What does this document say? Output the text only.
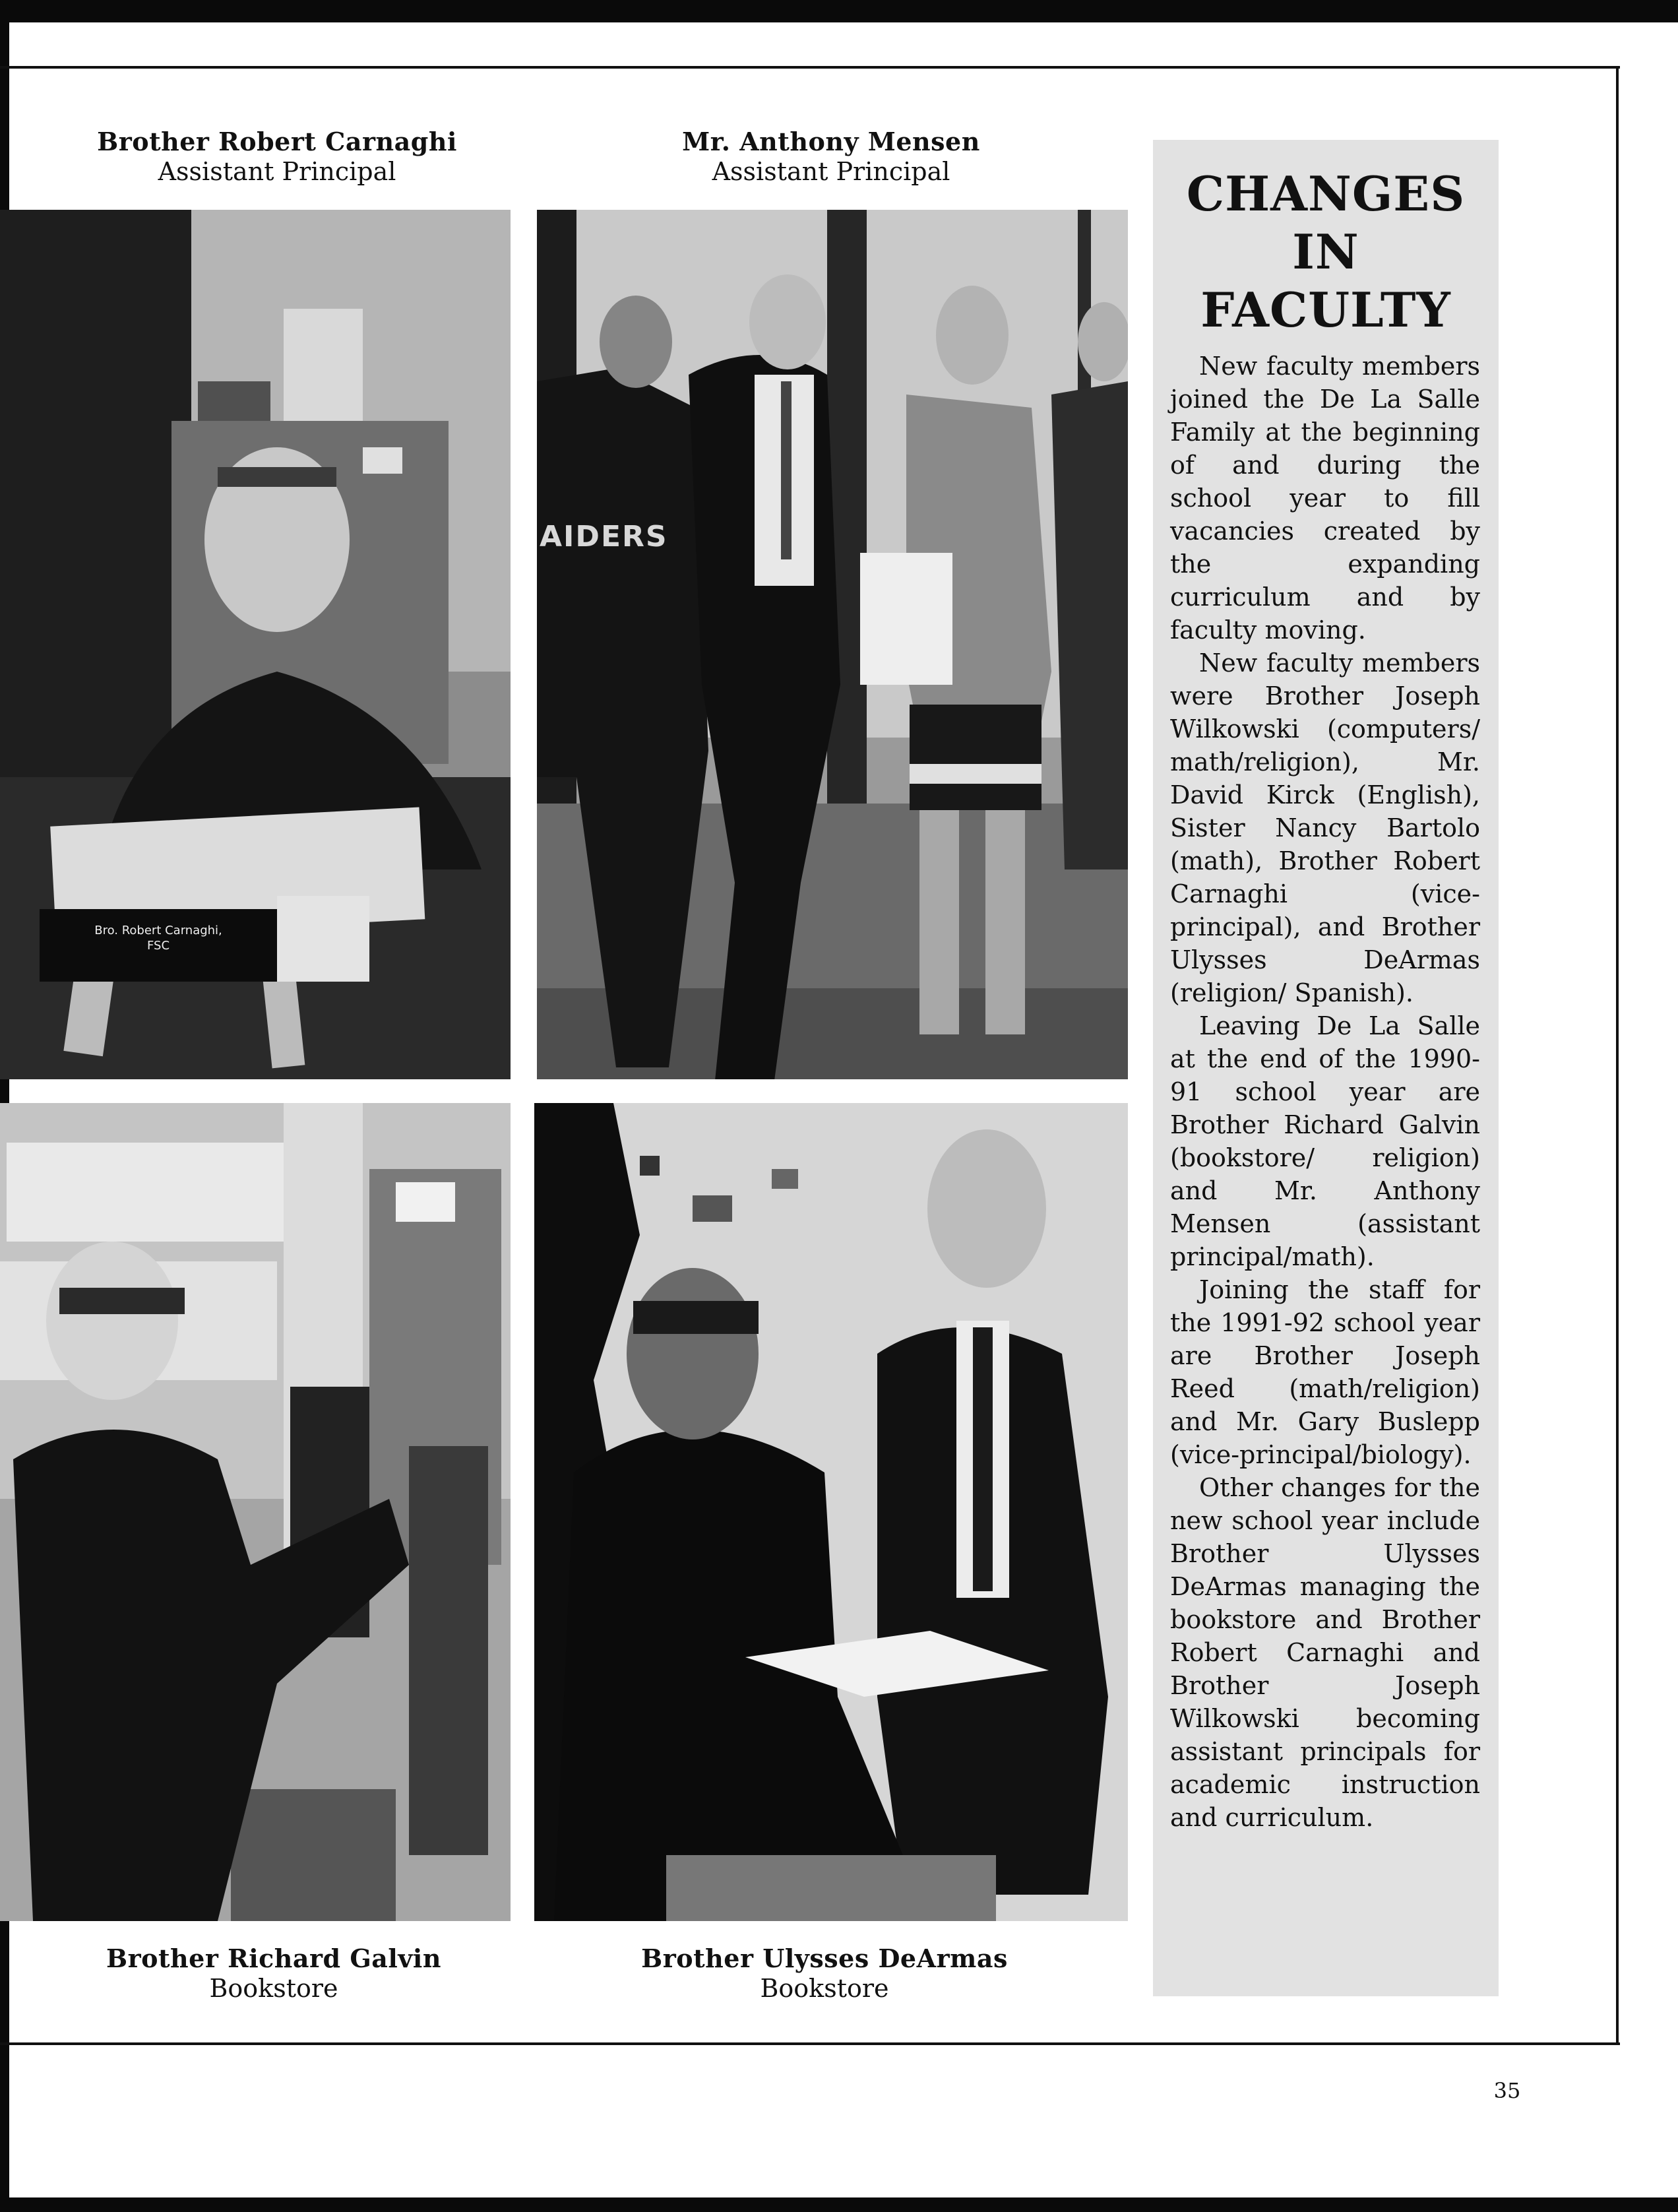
Brother Robert Carnaghi
Assistant Principal
Bro. Robert Carnaghi,
FSC
Mr. Anthony Mensen
Assistant Principal
AIDERS
Brother Richard Galvin
Bookstore
Brother Ulysses DeArmas
Bookstore
CHANGES
IN
FACULTY

New faculty members joined the De La Salle Family at the beginning of and during the school year to fill vacancies created by the expanding curriculum and by faculty moving.

New faculty members were Brother Joseph Wilkowski (computers/ math/religion), Mr. David Kirck (English), Sister Nancy Bartolo (math), Brother Robert Carnaghi (vice-principal), and Brother Ulysses DeArmas (religion/ Spanish).

Leaving De La Salle at the end of the 1990-91 school year are Brother Richard Galvin (bookstore/ religion) and Mr. Anthony Mensen (assistant principal/math).

Joining the staff for the 1991-92 school year are Brother Joseph Reed (math/religion) and Mr. Gary Buslepp (vice-principal/biology).

Other changes for the new school year include Brother Ulysses DeArmas managing the bookstore and Brother Robert Carnaghi and Brother Joseph Wilkowski becoming assistant principals for academic instruction and curriculum.

35
